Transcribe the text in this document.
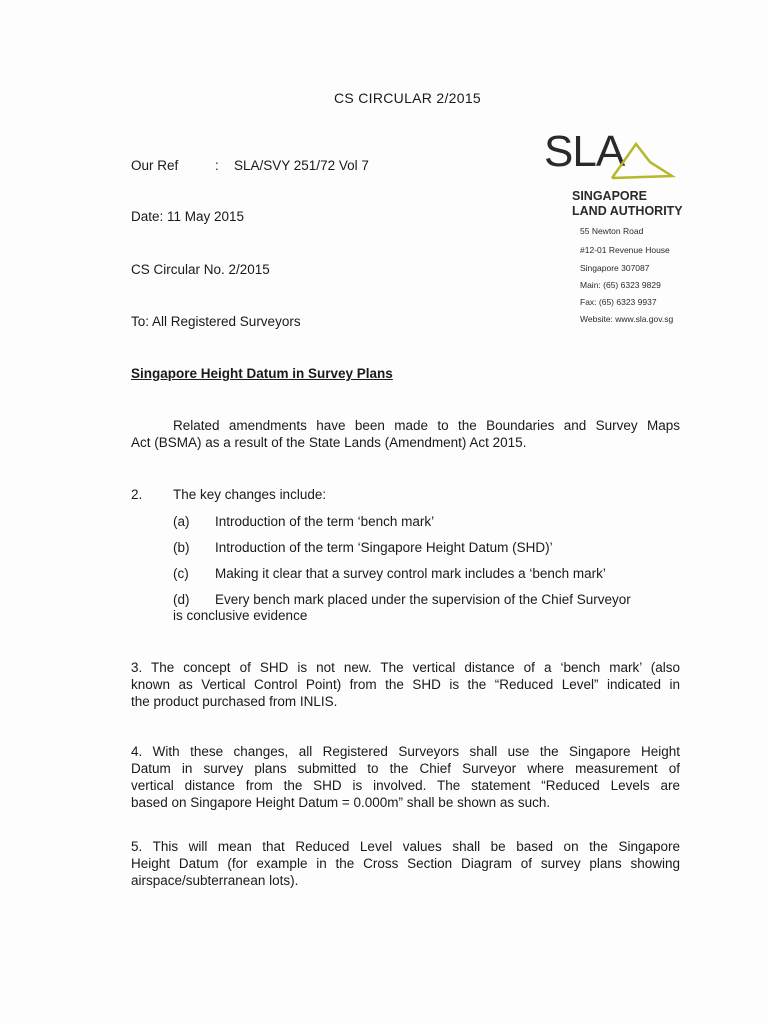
CS CIRCULAR 2/2015
SLA
SINGAPORE
LAND AUTHORITY
55 Newton Road
#12-01 Revenue House
Singapore 307087
Main: (65) 6323 9829
Fax: (65) 6323 9937
Website: www.sla.gov.sg
Our Ref	: SLA/SVY 251/72 Vol 7
Date: 11 May 2015
CS Circular No. 2/2015
To: All Registered Surveyors
Singapore Height Datum in Survey Plans
Related amendments have been made to the Boundaries and Survey Maps
Act (BSMA) as a result of the State Lands (Amendment) Act 2015.
2. The key changes include:
(a) Introduction of the term ‘bench mark’
(b) Introduction of the term ‘Singapore Height Datum (SHD)’
(c) Making it clear that a survey control mark includes a ‘bench mark’
(d) Every bench mark placed under the supervision of the Chief Surveyor
is conclusive evidence
3. The concept of SHD is not new. The vertical distance of a ‘bench mark’ (also
known as Vertical Control Point) from the SHD is the “Reduced Level” indicated in
the product purchased from INLIS.
4. With these changes, all Registered Surveyors shall use the Singapore Height
Datum in survey plans submitted to the Chief Surveyor where measurement of
vertical distance from the SHD is involved. The statement “Reduced Levels are
based on Singapore Height Datum = 0.000m” shall be shown as such.
5. This will mean that Reduced Level values shall be based on the Singapore
Height Datum (for example in the Cross Section Diagram of survey plans showing
airspace/subterranean lots).
